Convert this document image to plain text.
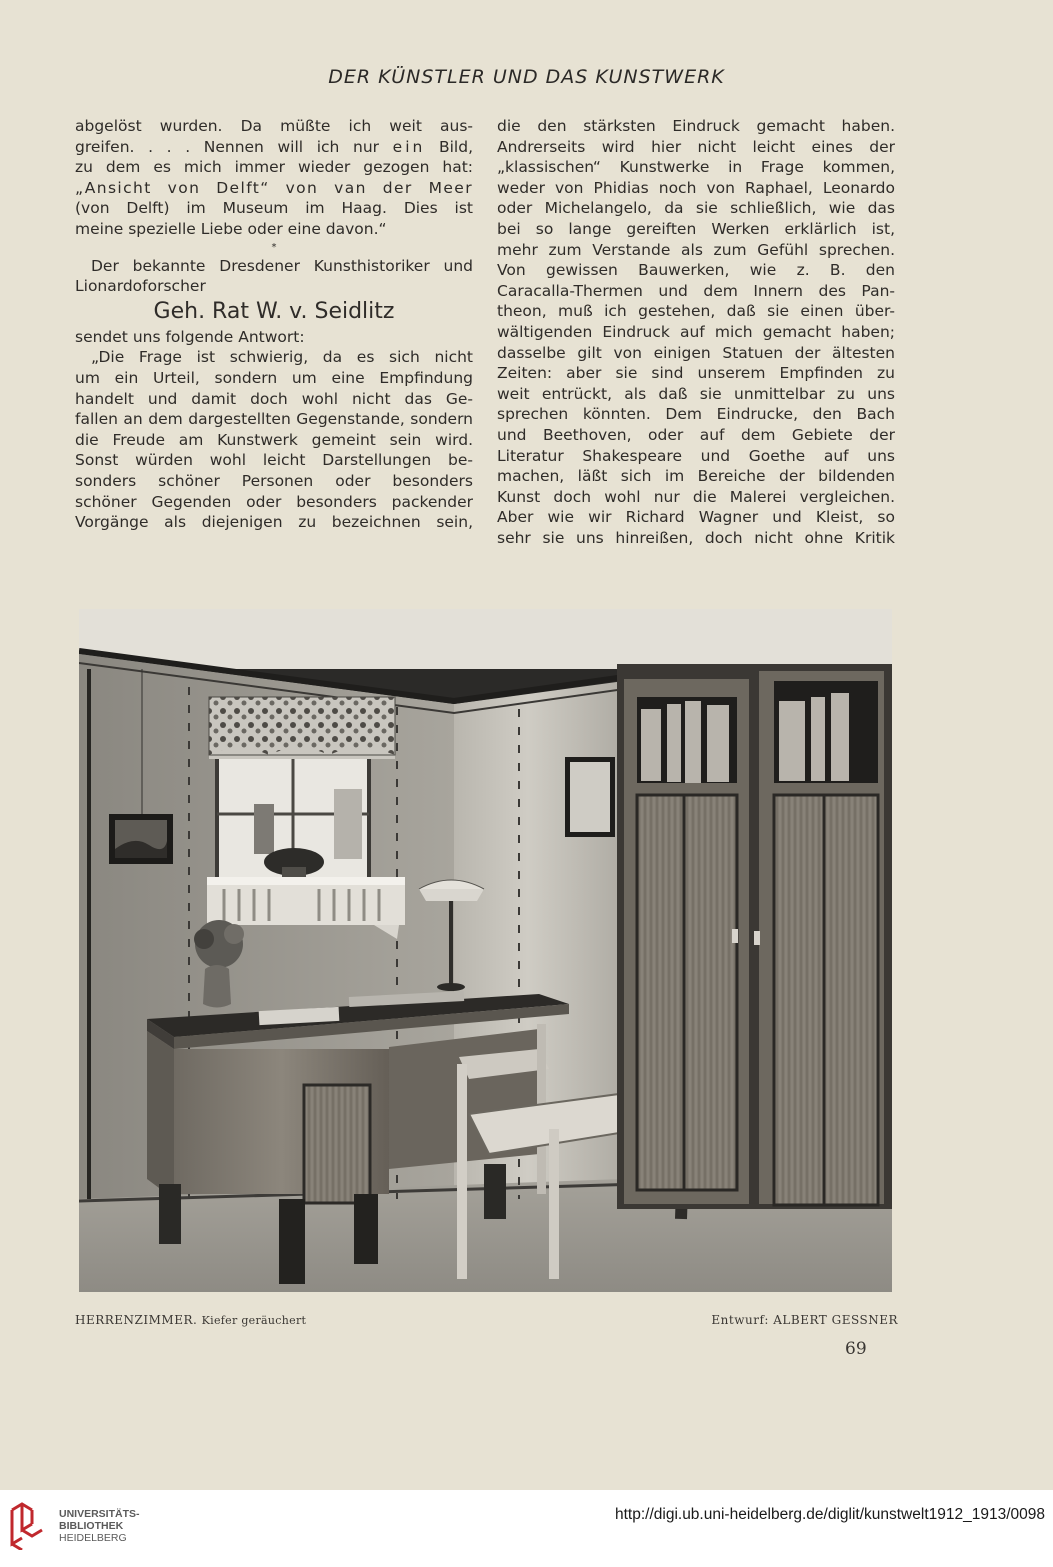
DER KÜNSTLER UND DAS KUNSTWERK
abgelöst wurden. Da müßte ich weit aus-
greifen. . . . Nennen will ich nur ein Bild,
zu dem es mich immer wieder gezogen hat:
„Ansicht von Delft“ von van der Meer
(von Delft) im Museum im Haag. Dies ist
meine spezielle Liebe oder eine davon.“
*
Der bekannte Dresdener Kunsthistoriker und
Lionardoforscher
Geh. Rat W. v. Seidlitz
sendet uns folgende Antwort:
„Die Frage ist schwierig, da es sich nicht
um ein Urteil, sondern um eine Empfindung
handelt und damit doch wohl nicht das Ge-
fallen an dem dargestellten Gegenstande, sondern
die Freude am Kunstwerk gemeint sein wird.
Sonst würden wohl leicht Darstellungen be-
sonders schöner Personen oder besonders
schöner Gegenden oder besonders packender
Vorgänge als diejenigen zu bezeichnen sein,
die den stärksten Eindruck gemacht haben.
Andrerseits wird hier nicht leicht eines der
„klassischen“ Kunstwerke in Frage kommen,
weder von Phidias noch von Raphael, Leonardo
oder Michelangelo, da sie schließlich, wie das
bei so lange gereiften Werken erklärlich ist,
mehr zum Verstande als zum Gefühl sprechen.
Von gewissen Bauwerken, wie z. B. den
Caracalla-Thermen und dem Innern des Pan-
theon, muß ich gestehen, daß sie einen über-
wältigenden Eindruck auf mich gemacht haben;
dasselbe gilt von einigen Statuen der ältesten
Zeiten: aber sie sind unserem Empfinden zu
weit entrückt, als daß sie unmittelbar zu uns
sprechen könnten. Dem Eindrucke, den Bach
und Beethoven, oder auf dem Gebiete der
Literatur Shakespeare und Goethe auf uns
machen, läßt sich im Bereiche der bildenden
Kunst doch wohl nur die Malerei vergleichen.
Aber wie wir Richard Wagner und Kleist, so
sehr sie uns hinreißen, doch nicht ohne Kritik
HERRENZIMMER. Kiefer geräuchert	Entwurf: ALBERT GESSNER
69
UNIVERSITÄTS-
BIBLIOTHEK
HEIDELBERG
http://digi.ub.uni-heidelberg.de/diglit/kunstwelt1912_1913/0098
